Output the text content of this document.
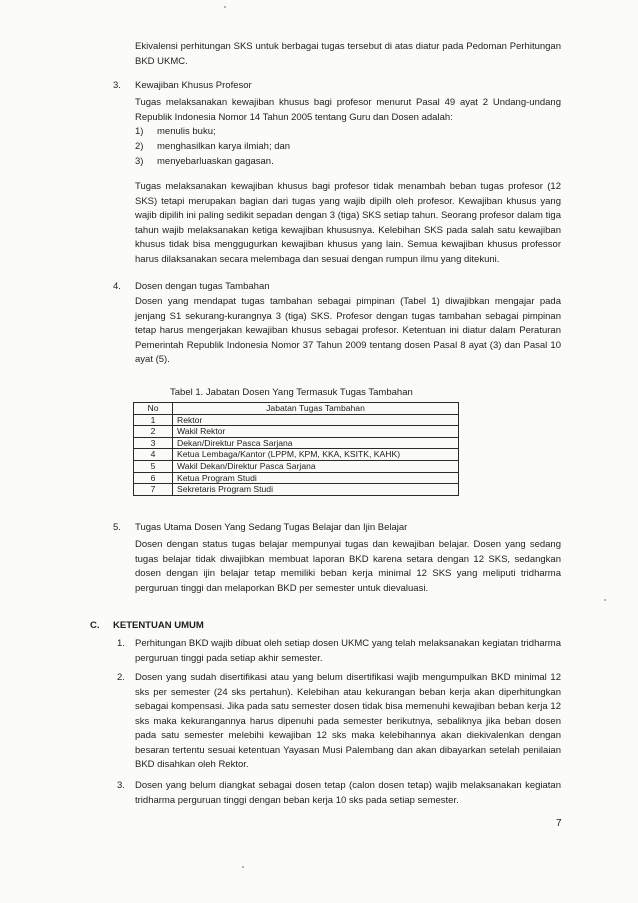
Ekivalensi perhitungan SKS untuk berbagai tugas tersebut di atas diatur pada Pedoman Perhitungan BKD UKMC.
3. Kewajiban Khusus Profesor
Tugas melaksanakan kewajiban khusus bagi profesor menurut Pasal 49 ayat 2 Undang-undang Republik Indonesia Nomor 14 Tahun 2005 tentang Guru dan Dosen adalah:
1) menulis buku;
2) menghasilkan karya ilmiah; dan
3) menyebarluaskan gagasan.
Tugas melaksanakan kewajiban khusus bagi profesor tidak menambah beban tugas profesor (12 SKS) tetapi merupakan bagian dari tugas yang wajib dipilh oleh profesor. Kewajiban khusus yang wajib dipilih ini paling sedikit sepadan dengan 3 (tiga) SKS setiap tahun. Seorang profesor dalam tiga tahun wajib melaksanakan ketiga kewajiban khususnya. Kelebihan SKS pada salah satu kewajiban khusus tidak bisa menggugurkan kewajiban khusus yang lain. Semua kewajiban khusus professor harus dilaksanakan secara melembaga dan sesuai dengan rumpun ilmu yang ditekuni.
4. Dosen dengan tugas Tambahan
Dosen yang mendapat tugas tambahan sebagai pimpinan (Tabel 1) diwajibkan mengajar pada jenjang S1 sekurang-kurangnya 3 (tiga) SKS. Profesor dengan tugas tambahan sebagai pimpinan tetap harus mengerjakan kewajiban khusus sebagai profesor. Ketentuan ini diatur dalam Peraturan Pemerintah Republik Indonesia Nomor 37 Tahun 2009 tentang dosen Pasal 8 ayat (3) dan Pasal 10 ayat (5).
Tabel 1. Jabatan Dosen Yang Termasuk Tugas Tambahan
No	Jabatan Tugas Tambahan
1	Rektor
2	Wakil Rektor
3	Dekan/Direktur Pasca Sarjana
4	Ketua Lembaga/Kantor (LPPM, KPM, KKA, KSITK, KAHK)
5	Wakil Dekan/Direktur Pasca Sarjana
6	Ketua Program Studi
7	Sekretaris Program Studi
5. Tugas Utama Dosen Yang Sedang Tugas Belajar dan Ijin Belajar
Dosen dengan status tugas belajar mempunyai tugas dan kewajiban belajar. Dosen yang sedang tugas belajar tidak diwajibkan membuat laporan BKD karena setara dengan 12 SKS, sedangkan dosen dengan ijin belajar tetap memiliki beban kerja minimal 12 SKS yang meliputi tridharma perguruan tinggi dan melaporkan BKD per semester untuk dievaluasi.
C. KETENTUAN UMUM
1. Perhitungan BKD wajib dibuat oleh setiap dosen UKMC yang telah melaksanakan kegiatan tridharma perguruan tinggi pada setiap akhir semester.
2. Dosen yang sudah disertifikasi atau yang belum disertifikasi wajib mengumpulkan BKD minimal 12 sks per semester (24 sks pertahun). Kelebihan atau kekurangan beban kerja akan diperhitungkan sebagai kompensasi. Jika pada satu semester dosen tidak bisa memenuhi kewajiban beban kerja 12 sks maka kekurangannya harus dipenuhi pada semester berikutnya, sebaliknya jika beban dosen pada satu semester melebihi kewajiban 12 sks maka kelebihannya akan diekivalenkan dengan besaran tertentu sesuai ketentuan Yayasan Musi Palembang dan akan dibayarkan setelah penilaian BKD disahkan oleh Rektor.
3. Dosen yang belum diangkat sebagai dosen tetap (calon dosen tetap) wajib melaksanakan kegiatan tridharma perguruan tinggi dengan beban kerja 10 sks pada setiap semester.
7
